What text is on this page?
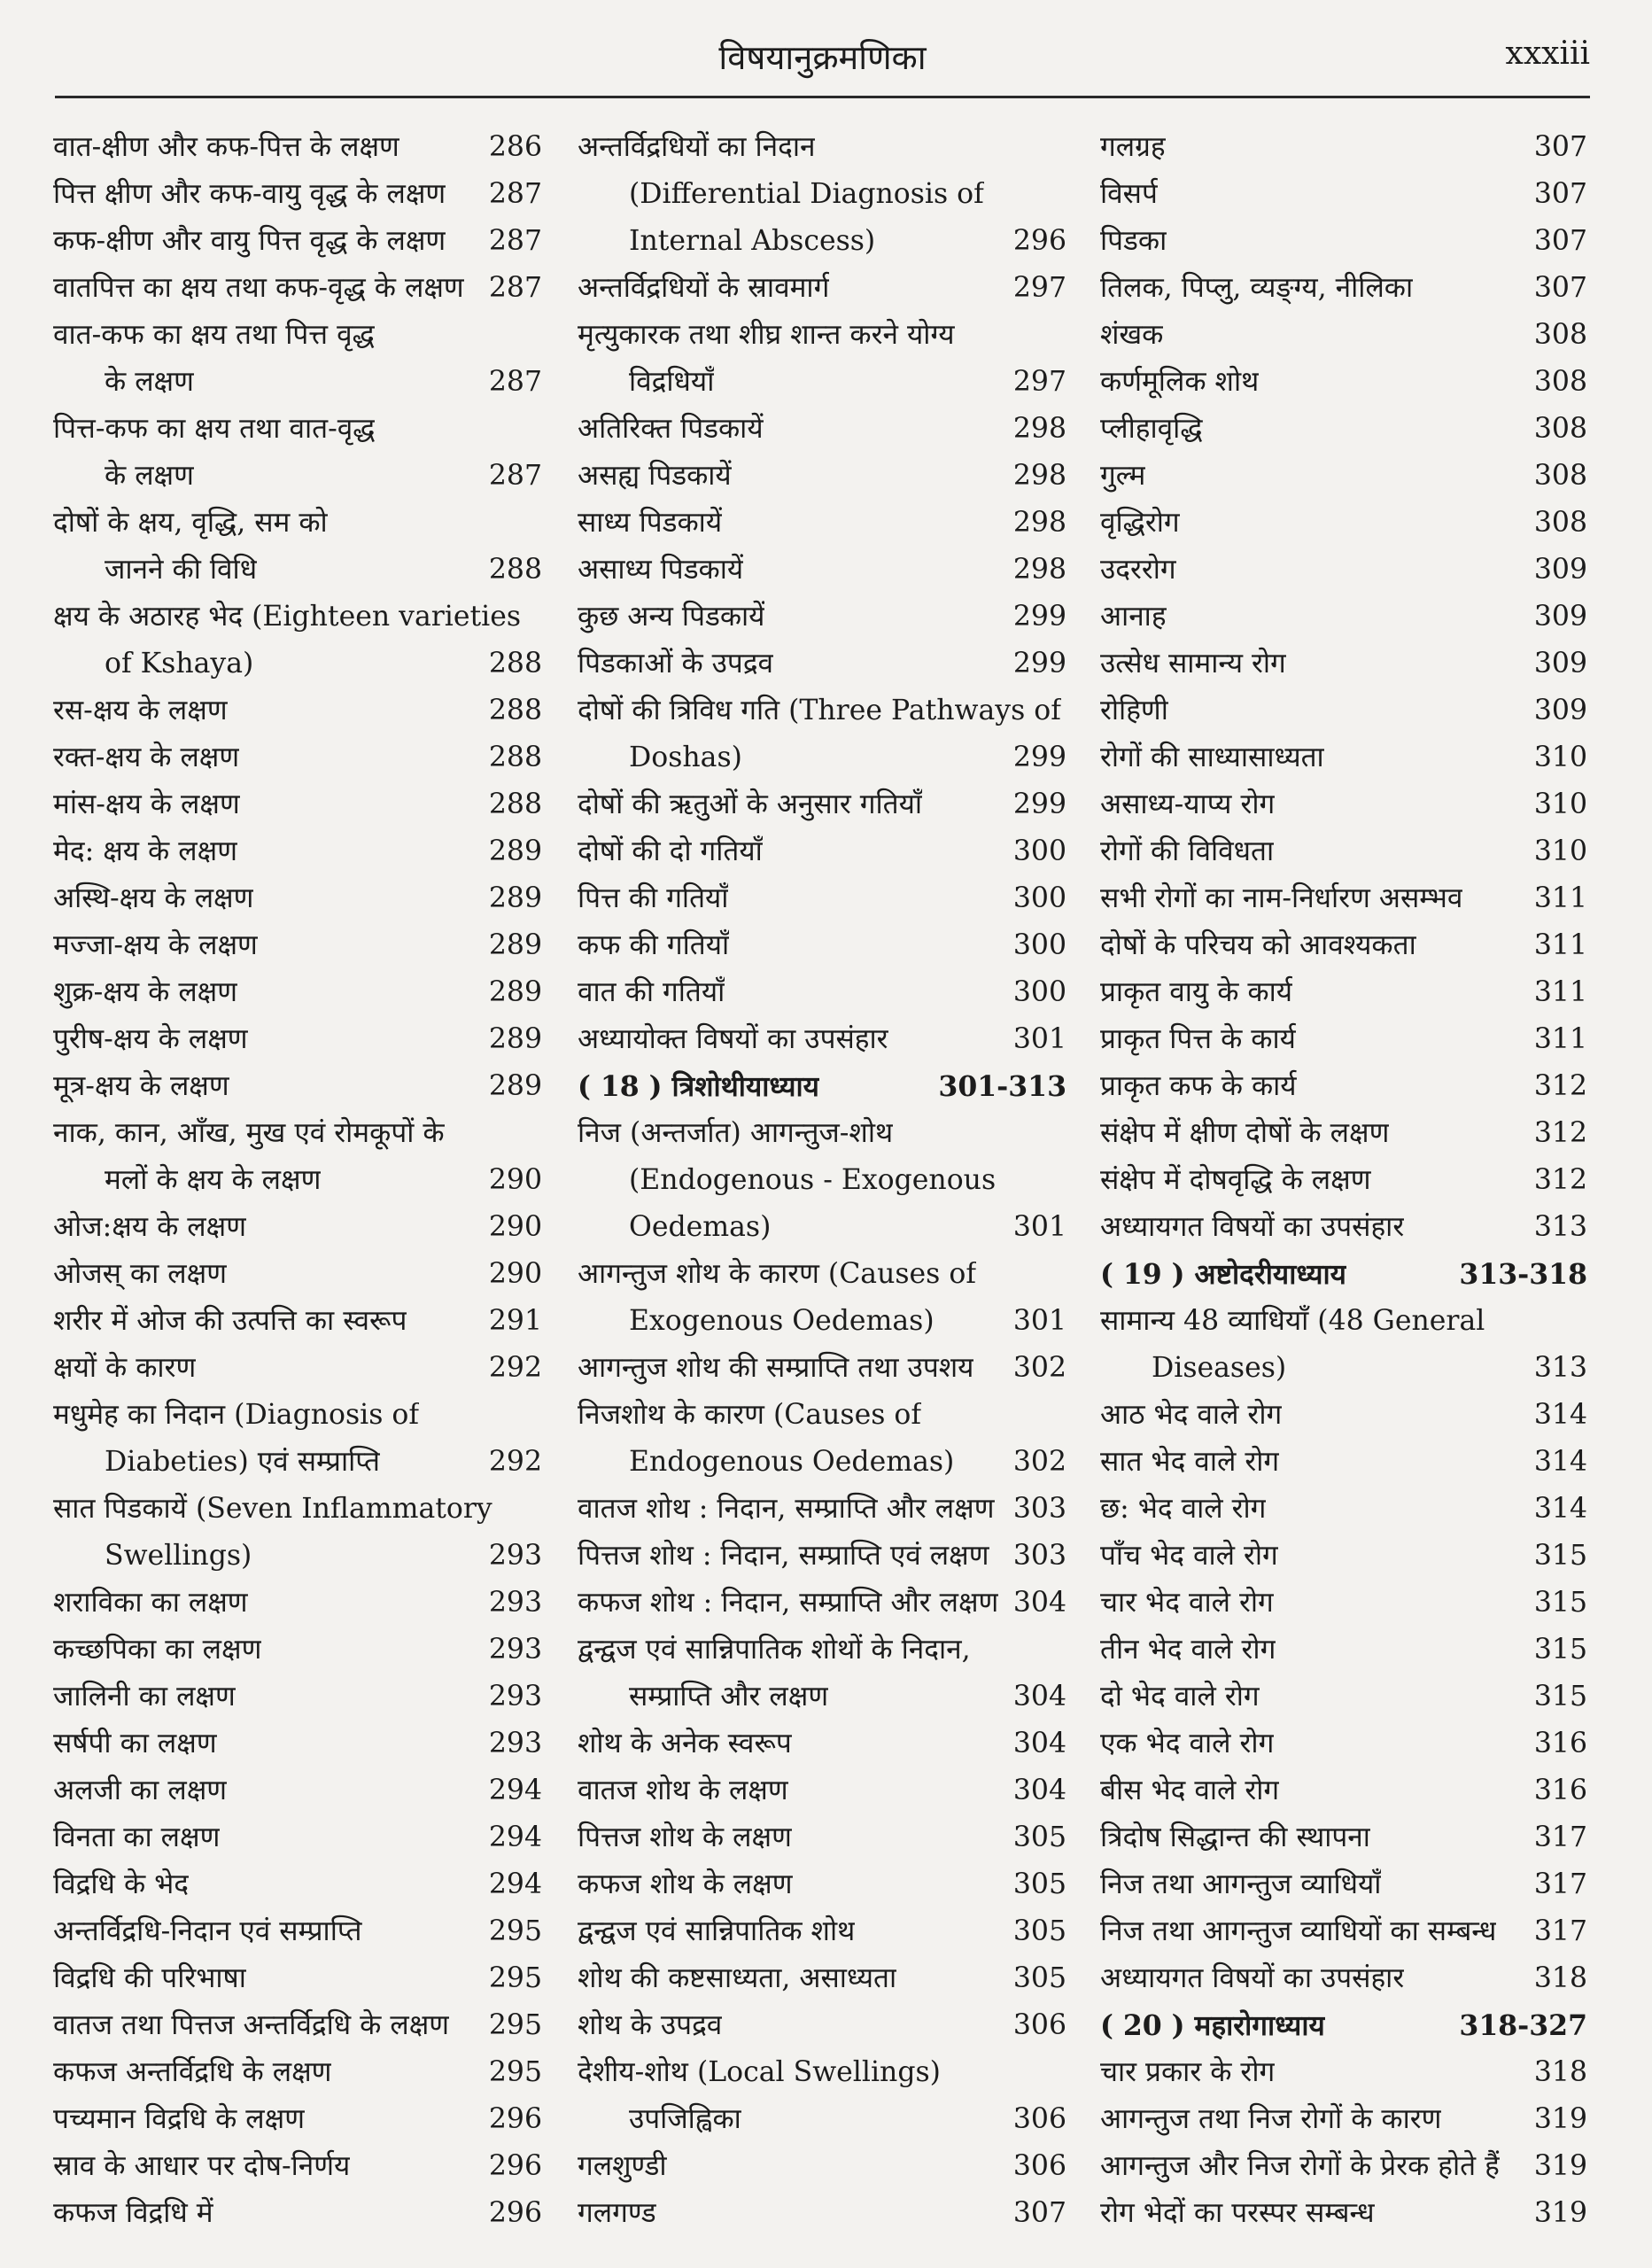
विषयानुक्रमणिका	xxxiii
वात-क्षीण और कफ-पित्त के लक्षण	286
पित्त क्षीण और कफ-वायु वृद्ध के लक्षण 287
कफ-क्षीण और वायु पित्त वृद्ध के लक्षण 287
वातपित्त का क्षय तथा कफ-वृद्ध के लक्षण 287
वात-कफ का क्षय तथा पित्त वृद्ध
के लक्षण	287
पित्त-कफ का क्षय तथा वात-वृद्ध
के लक्षण	287
दोषों के क्षय, वृद्धि, सम को
जानने की विधि	288
क्षय के अठारह भेद (Eighteen varieties
of Kshaya)	288
रस-क्षय के लक्षण	288
रक्त-क्षय के लक्षण	288
मांस-क्षय के लक्षण	288
मेद: क्षय के लक्षण	289
अस्थि-क्षय के लक्षण	289
मज्जा-क्षय के लक्षण	289
शुक्र-क्षय के लक्षण	289
पुरीष-क्षय के लक्षण	289
मूत्र-क्षय के लक्षण	289
नाक, कान, आँख, मुख एवं रोमकूपों के
मलों के क्षय के लक्षण	290
ओज:क्षय के लक्षण	290
ओजस् का लक्षण	290
शरीर में ओज की उत्पत्ति का स्वरूप	291
क्षयों के कारण	292
मधुमेह का निदान (Diagnosis of
Diabeties) एवं सम्प्राप्ति	292
सात पिडकायें (Seven Inflammatory
Swellings)	293
शराविका का लक्षण	293
कच्छपिका का लक्षण	293
जालिनी का लक्षण	293
सर्षपी का लक्षण	293
अलजी का लक्षण	294
विनता का लक्षण	294
विद्रधि के भेद	294
अन्तर्विद्रधि-निदान एवं सम्प्राप्ति	295
विद्रधि की परिभाषा	295
वातज तथा पित्तज अन्तर्विद्रधि के लक्षण 295
कफज अन्तर्विद्रधि के लक्षण	295
पच्यमान विद्रधि के लक्षण	296
स्राव के आधार पर दोष-निर्णय	296
कफज विद्रधि में	296
अन्तर्विद्रधियों का निदान
(Differential Diagnosis of
Internal Abscess)	296
अन्तर्विद्रधियों के स्रावमार्ग	297
मृत्युकारक तथा शीघ्र शान्त करने योग्य
विद्रधियाँ	297
अतिरिक्त पिडकायें	298
असह्य पिडकायें	298
साध्य पिडकायें	298
असाध्य पिडकायें	298
कुछ अन्य पिडकायें	299
पिडकाओं के उपद्रव	299
दोषों की त्रिविध गति (Three Pathways of
Doshas)	299
दोषों की ऋतुओं के अनुसार गतियाँ	299
दोषों की दो गतियाँ	300
पित्त की गतियाँ	300
कफ की गतियाँ	300
वात की गतियाँ	300
अध्यायोक्त विषयों का उपसंहार	301
( 18 ) त्रिशोथीयाध्याय	301-313
निज (अन्तर्जात) आगन्तुज-शोथ
(Endogenous - Exogenous
Oedemas)	301
आगन्तुज शोथ के कारण (Causes of
Exogenous Oedemas)	301
आगन्तुज शोथ की सम्प्राप्ति तथा उपशय 302
निजशोथ के कारण (Causes of
Endogenous Oedemas) 302
वातज शोथ : निदान, सम्प्राप्ति और लक्षण 303
पित्तज शोथ : निदान, सम्प्राप्ति एवं लक्षण 303
कफज शोथ : निदान, सम्प्राप्ति और लक्षण 304
द्वन्द्वज एवं सान्निपातिक शोथों के निदान,
सम्प्राप्ति और लक्षण	304
शोथ के अनेक स्वरूप	304
वातज शोथ के लक्षण	304
पित्तज शोथ के लक्षण	305
कफज शोथ के लक्षण	305
द्वन्द्वज एवं सान्निपातिक शोथ	305
शोथ की कष्टसाध्यता, असाध्यता	305
शोथ के उपद्रव	306
देशीय-शोथ (Local Swellings)
उपजिह्विका	306
गलशुण्डी	306
गलगण्ड	307
गलग्रह	307
विसर्प	307
पिडका	307
तिलक, पिप्लु, व्यङ्ग्य, नीलिका	307
शंखक	308
कर्णमूलिक शोथ	308
प्लीहावृद्धि	308
गुल्म	308
वृद्धिरोग	308
उदररोग	309
आनाह	309
उत्सेध सामान्य रोग	309
रोहिणी	309
रोगों की साध्यासाध्यता	310
असाध्य-याप्य रोग	310
रोगों की विविधता	310
सभी रोगों का नाम-निर्धारण असम्भव	311
दोषों के परिचय को आवश्यकता	311
प्राकृत वायु के कार्य	311
प्राकृत पित्त के कार्य	311
प्राकृत कफ के कार्य	312
संक्षेप में क्षीण दोषों के लक्षण	312
संक्षेप में दोषवृद्धि के लक्षण	312
अध्यायगत विषयों का उपसंहार	313
( 19 ) अष्टोदरीयाध्याय	313-318
सामान्य 48 व्याधियाँ (48 General
Diseases)	313
आठ भेद वाले रोग	314
सात भेद वाले रोग	314
छ: भेद वाले रोग	314
पाँच भेद वाले रोग	315
चार भेद वाले रोग	315
तीन भेद वाले रोग	315
दो भेद वाले रोग	315
एक भेद वाले रोग	316
बीस भेद वाले रोग	316
त्रिदोष सिद्धान्त की स्थापना	317
निज तथा आगन्तुज व्याधियाँ	317
निज तथा आगन्तुज व्याधियों का सम्बन्ध 317
अध्यायगत विषयों का उपसंहार	318
( 20 ) महारोगाध्याय	318-327
चार प्रकार के रोग	318
आगन्तुज तथा निज रोगों के कारण	319
आगन्तुज और निज रोगों के प्रेरक होते हैं 319
रोग भेदों का परस्पर सम्बन्ध	319
